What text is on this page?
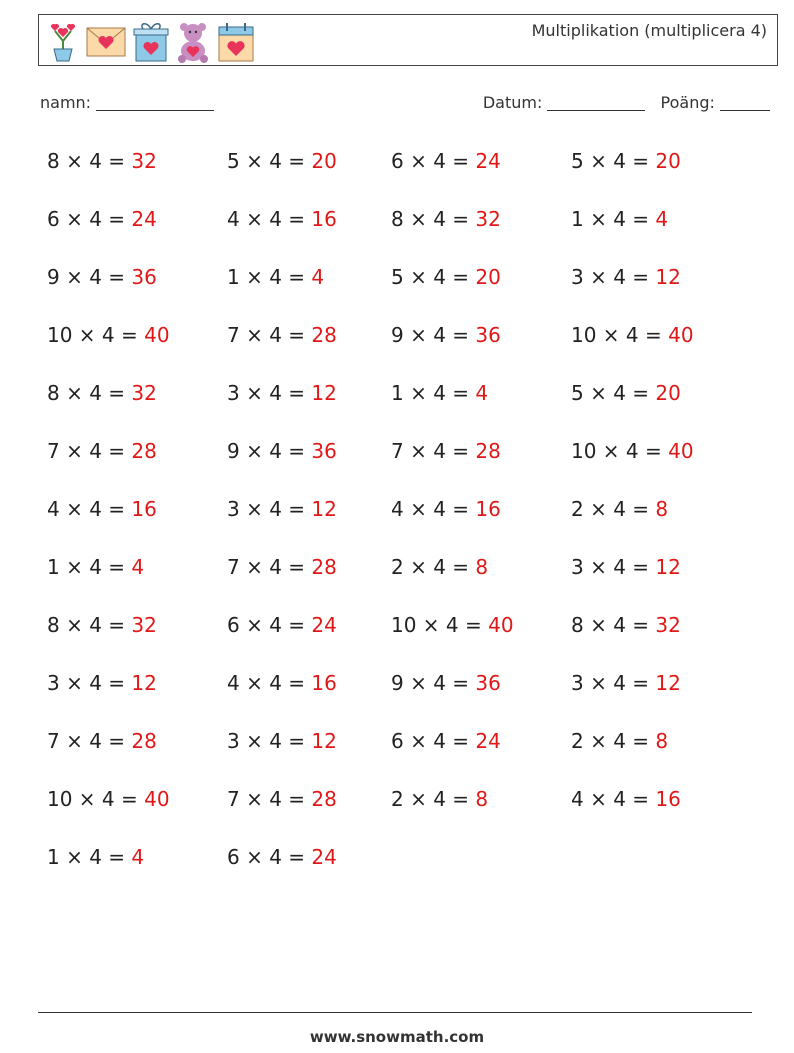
Multiplikation (multiplicera 4)
namn:	Datum:	Poäng:
8 × 4 = 32
6 × 4 = 24
9 × 4 = 36
10 × 4 = 40
8 × 4 = 32
7 × 4 = 28
4 × 4 = 16
1 × 4 = 4
8 × 4 = 32
3 × 4 = 12
7 × 4 = 28
10 × 4 = 40
1 × 4 = 4
5 × 4 = 20
4 × 4 = 16
1 × 4 = 4
7 × 4 = 28
3 × 4 = 12
9 × 4 = 36
3 × 4 = 12
7 × 4 = 28
6 × 4 = 24
4 × 4 = 16
3 × 4 = 12
7 × 4 = 28
6 × 4 = 24
6 × 4 = 24
8 × 4 = 32
5 × 4 = 20
9 × 4 = 36
1 × 4 = 4
7 × 4 = 28
4 × 4 = 16
2 × 4 = 8
10 × 4 = 40
9 × 4 = 36
6 × 4 = 24
2 × 4 = 8
5 × 4 = 20
1 × 4 = 4
3 × 4 = 12
10 × 4 = 40
5 × 4 = 20
10 × 4 = 40
2 × 4 = 8
3 × 4 = 12
8 × 4 = 32
3 × 4 = 12
2 × 4 = 8
4 × 4 = 16
www.snowmath.com
